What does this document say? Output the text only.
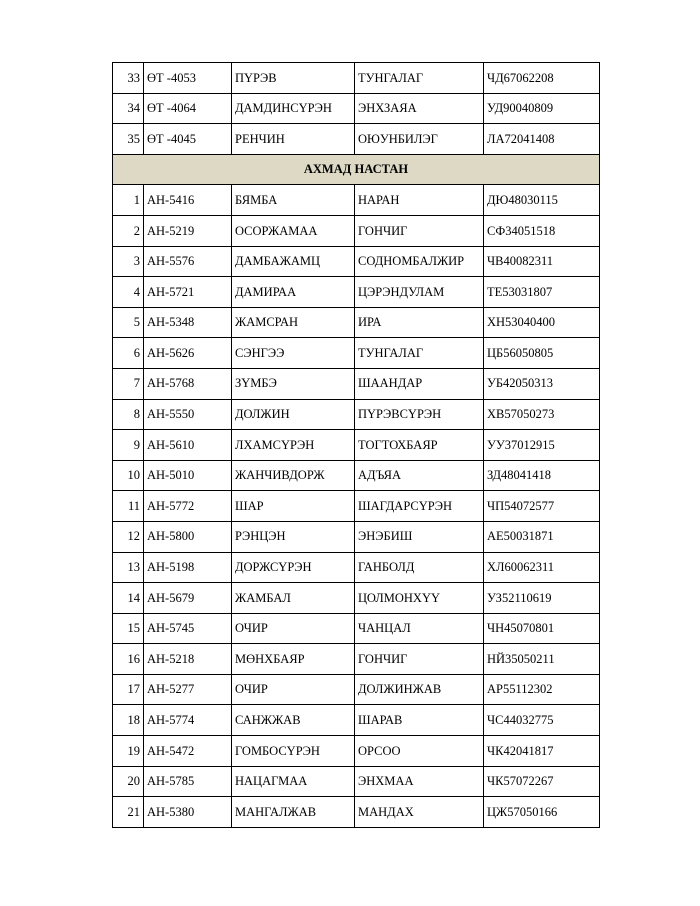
33	ӨТ -4053	ПҮРЭВ	ТУНГАЛАГ	ЧД67062208
34	ӨТ -4064	ДАМДИНСҮРЭН	ЭНХЗАЯА	УД90040809
35	ӨТ -4045	РЕНЧИН	ОЮУНБИЛЭГ	ЛА72041408
АХМАД НАСТАН				
1	АН-5416	БЯМБА	НАРАН	ДЮ48030115
2	АН-5219	ОСОРЖАМАА	ГОНЧИГ	СФ34051518
3	АН-5576	ДАМБАЖАМЦ	СОДНОМБАЛЖИР	ЧВ40082311
4	АН-5721	ДАМИРАА	ЦЭРЭНДУЛАМ	ТЕ53031807
5	АН-5348	ЖАМСРАН	ИРА	ХН53040400
6	АН-5626	СЭНГЭЭ	ТУНГАЛАГ	ЦБ56050805
7	АН-5768	ЗҮМБЭ	ШААНДАР	УБ42050313
8	АН-5550	ДОЛЖИН	ПҮРЭВСҮРЭН	ХВ57050273
9	АН-5610	ЛХАМСҮРЭН	ТОГТОХБАЯР	УУ37012915
10	АН-5010	ЖАНЧИВДОРЖ	АДЪЯА	ЗД48041418
11	АН-5772	ШАР	ШАГДАРСҮРЭН	ЧП54072577
12	АН-5800	РЭНЦЭН	ЭНЭБИШ	АЕ50031871
13	АН-5198	ДОРЖСҮРЭН	ГАНБОЛД	ХЛ60062311
14	АН-5679	ЖАМБАЛ	ЦОЛМОНХҮҮ	УЗ52110619
15	АН-5745	ОЧИР	ЧАНЦАЛ	ЧН45070801
16	АН-5218	МӨНХБАЯР	ГОНЧИГ	НЙ35050211
17	АН-5277	ОЧИР	ДОЛЖИНЖАВ	АР55112302
18	АН-5774	САНЖЖАВ	ШАРАВ	ЧС44032775
19	АН-5472	ГОМБОСҮРЭН	ОРСОО	ЧК42041817
20	АН-5785	НАЦАГМАА	ЭНХМАА	ЧК57072267
21	АН-5380	МАНГАЛЖАВ	МАНДАХ	ЦЖ57050166
